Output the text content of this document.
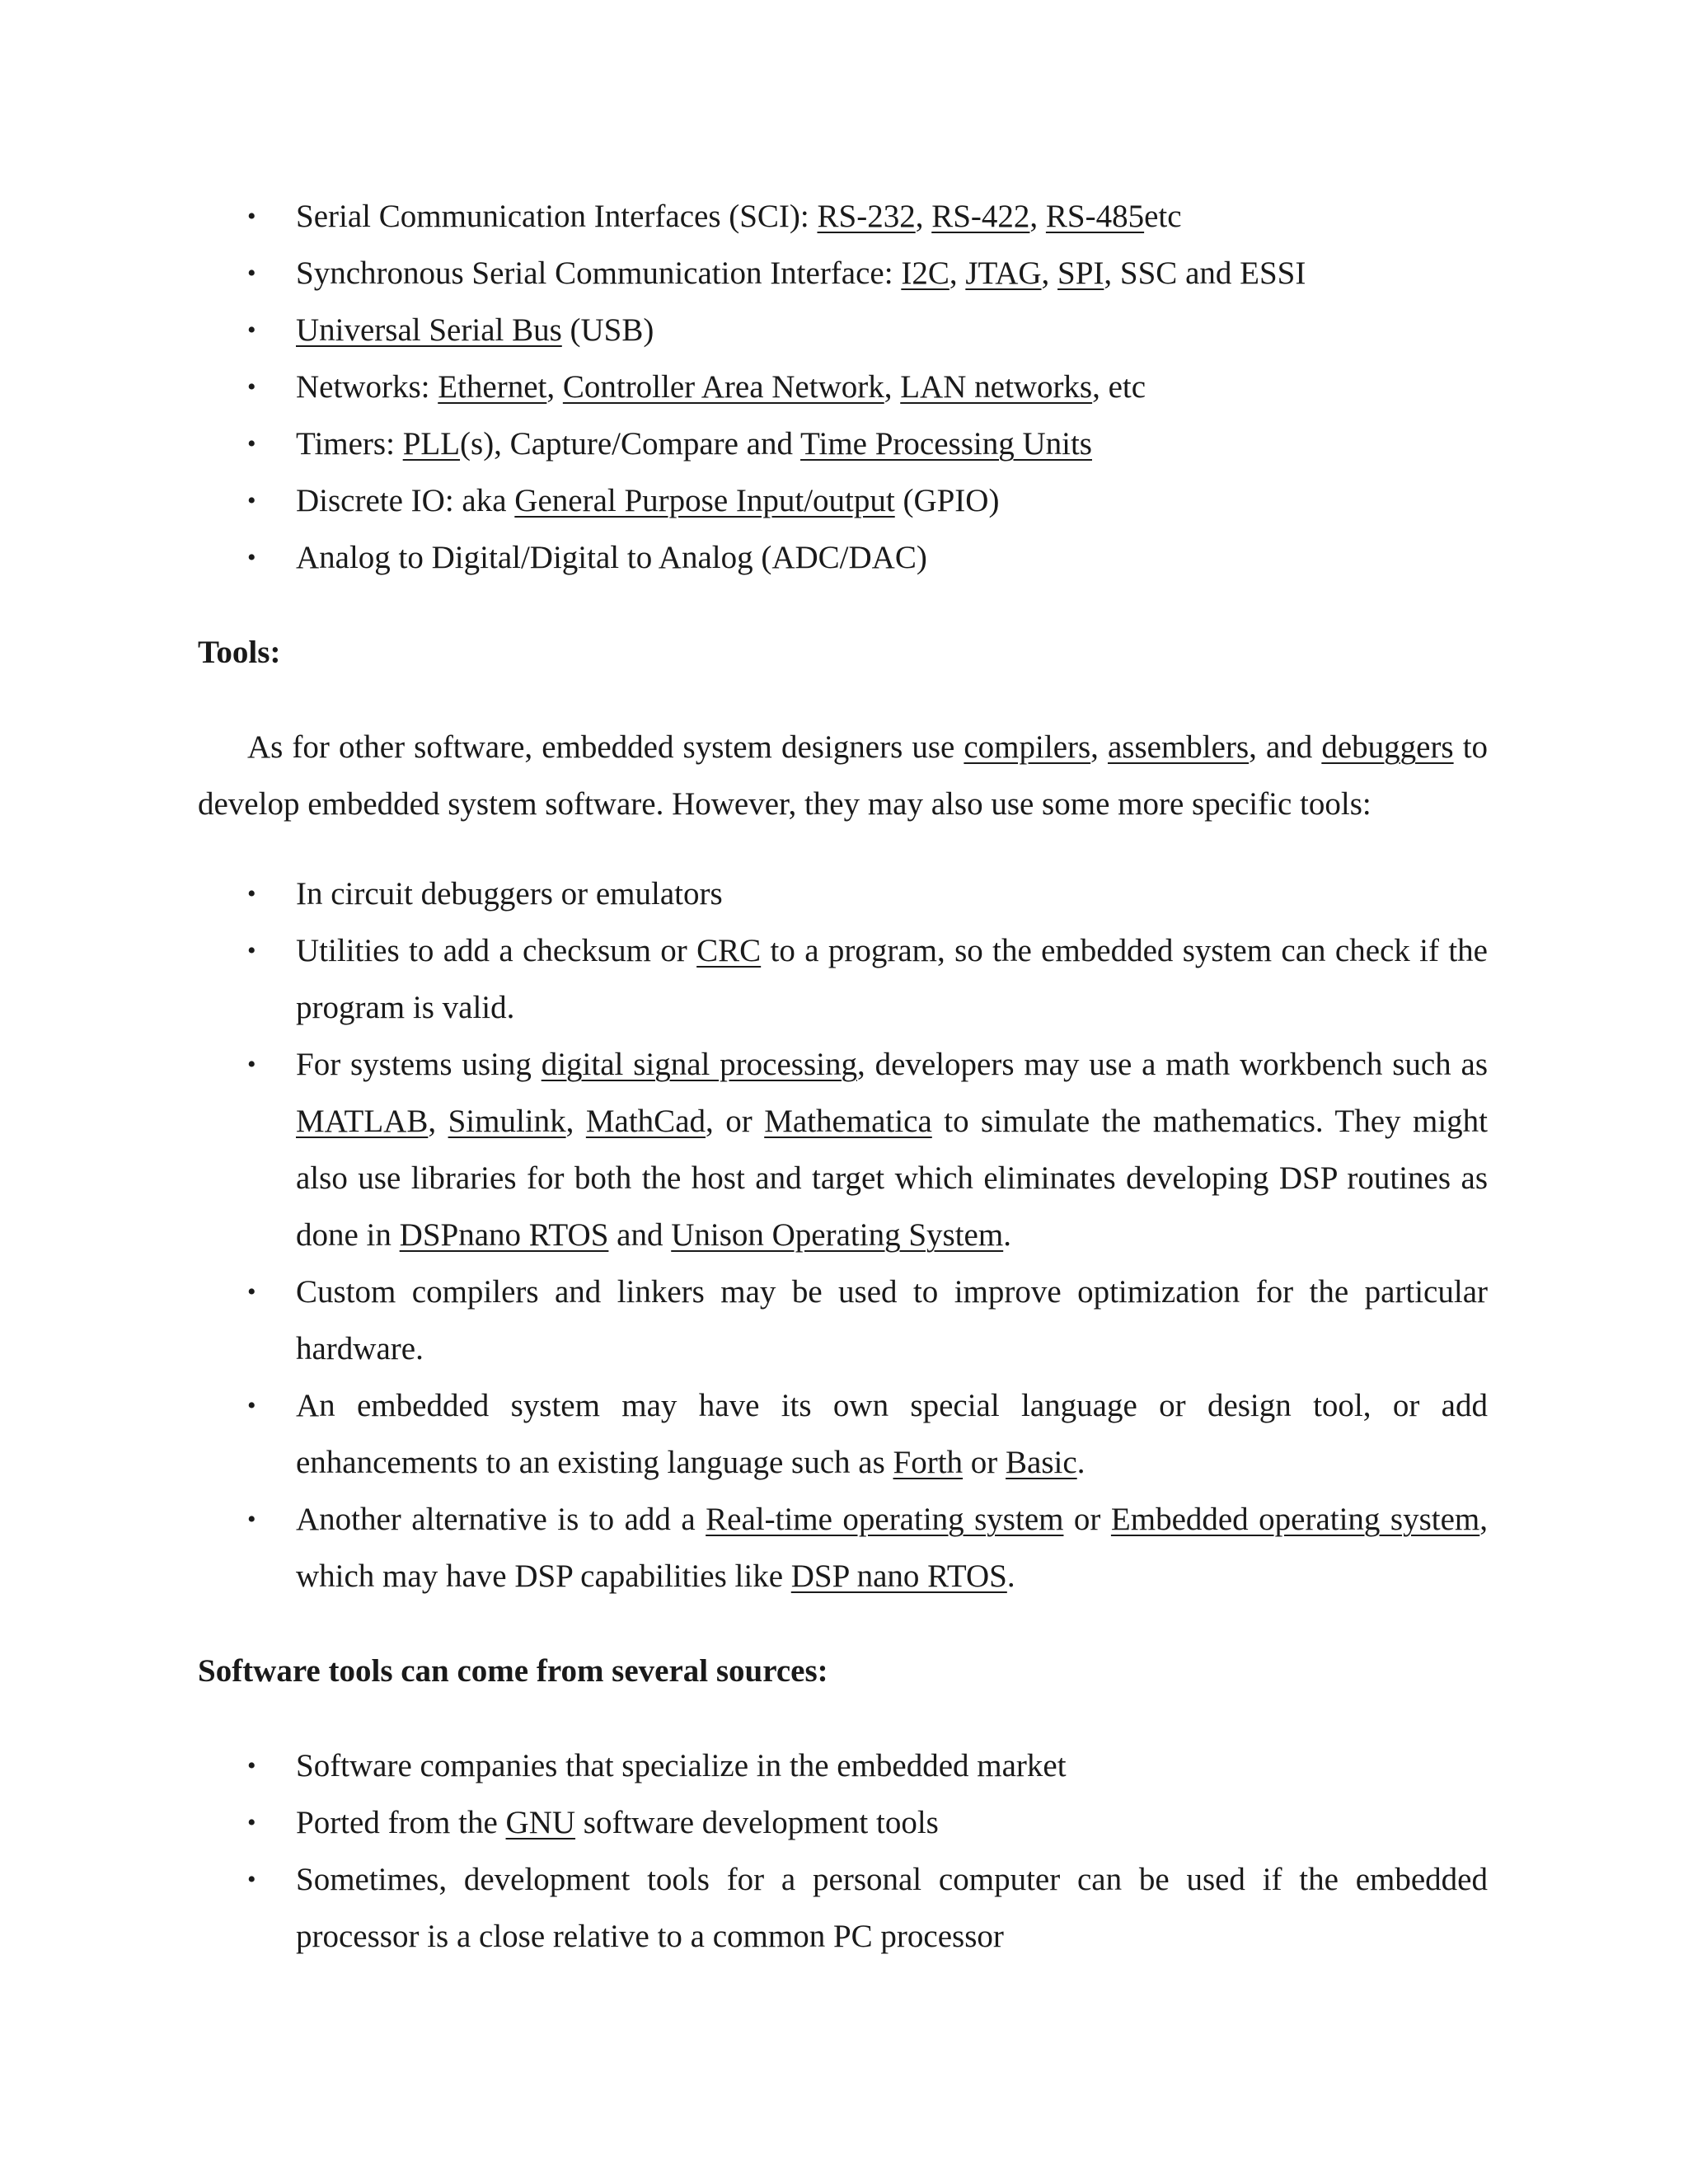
• Serial Communication Interfaces (SCI): RS-232, RS-422, RS-485etc
• Synchronous Serial Communication Interface: I2C, JTAG, SPI, SSC and ESSI
• Universal Serial Bus (USB)
• Networks: Ethernet, Controller Area Network, LAN networks, etc
• Timers: PLL(s), Capture/Compare and Time Processing Units
• Discrete IO: aka General Purpose Input/output (GPIO)
• Analog to Digital/Digital to Analog (ADC/DAC)

Tools:

As for other software, embedded system designers use compilers, assemblers, and debuggers to develop embedded system software. However, they may also use some more specific tools:

• In circuit debuggers or emulators
• Utilities to add a checksum or CRC to a program, so the embedded system can check if the program is valid.
• For systems using digital signal processing, developers may use a math workbench such as MATLAB, Simulink, MathCad, or Mathematica to simulate the mathematics. They might also use libraries for both the host and target which eliminates developing DSP routines as done in DSPnano RTOS and Unison Operating System.
• Custom compilers and linkers may be used to improve optimization for the particular hardware.
• An embedded system may have its own special language or design tool, or add enhancements to an existing language such as Forth or Basic.
• Another alternative is to add a Real-time operating system or Embedded operating system, which may have DSP capabilities like DSP nano RTOS.

Software tools can come from several sources:

• Software companies that specialize in the embedded market
• Ported from the GNU software development tools
• Sometimes, development tools for a personal computer can be used if the embedded processor is a close relative to a common PC processor
